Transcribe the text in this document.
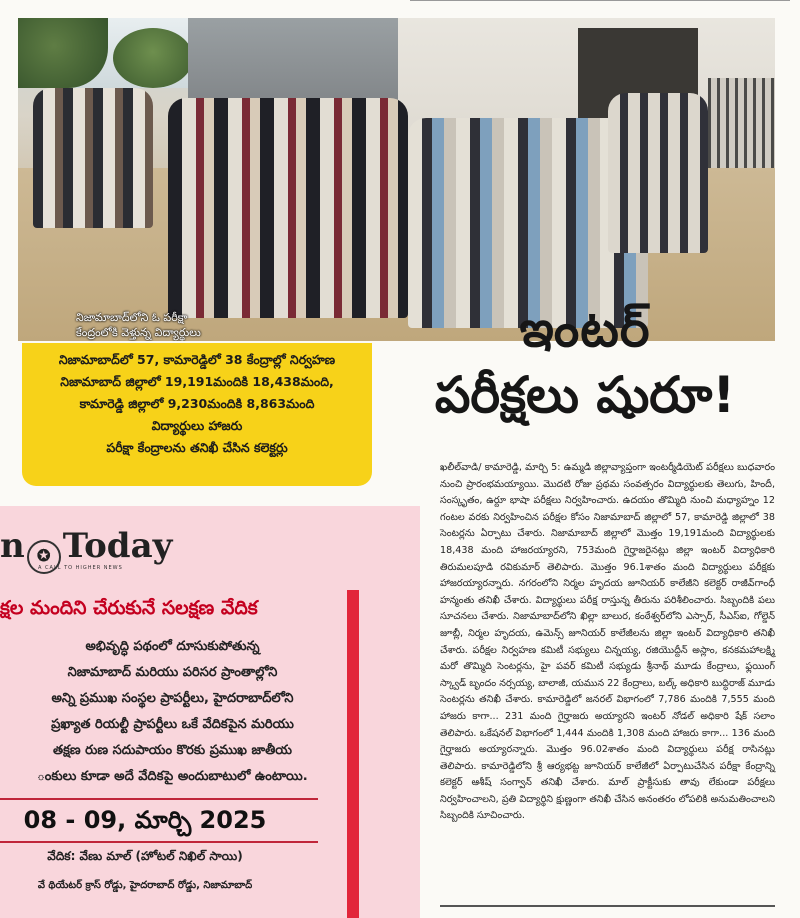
నిజామాబాద్‌లోని ఓ పరీక్షా
కేంద్రంలోకి వెళ్తున్న విద్యార్థులు
నిజామాబాద్‌లో 57, కామారెడ్డిలో 38 కేంద్రాల్లో నిర్వహణ
నిజామాబాద్ జిల్లాలో 19,191మందికి 18,438మంది,
కామారెడ్డి జిల్లాలో 9,230మందికి 8,863మంది
విద్యార్థులు హాజరు
పరీక్షా కేంద్రాలను తనిఖీ చేసిన కలెక్టర్లు
ఇంటర్
పరీక్షలు షురూ!

ఖలీల్‌వాడి/ కామారెడ్డి, మార్చి 5: ఉమ్మడి జిల్లావ్యాప్తంగా ఇంటర్మీడియెట్ పరీక్షలు బుధవారం నుంచి ప్రారంభమయ్యాయి. మొదటి రోజు ప్రథమ సంవత్సరం విద్యార్థులకు తెలుగు, హిందీ, సంస్కృతం, ఉర్దూ భాషా పరీక్షలు నిర్వహించారు. ఉదయం తొమ్మిది నుంచి మధ్యాహ్నం 12 గంటల వరకు నిర్వహించిన పరీక్షల కోసం నిజామాబాద్ జిల్లాలో 57, కామారెడ్డి జిల్లాలో 38 సెంటర్లను ఏర్పాటు చేశారు. నిజామాబాద్ జిల్లాలో మొత్తం 19,191మంది విద్యార్థులకు 18,438 మంది హాజరయ్యారని, 753మంది గైర్హాజరైనట్లు జిల్లా ఇంటర్ విద్యాధికారి తిరుమలపూడి రవికుమార్ తెలిపారు. మొత్తం 96.1శాతం మంది విద్యార్థులు పరీక్షకు హాజరయ్యారన్నారు. నగరంలోని నిర్మల హృదయ జూనియర్ కాలేజీని కలెక్టర్ రాజీవ్‌గాంధీ హన్మంతు తనిఖీ చేశారు. విద్యార్థులు పరీక్ష రాస్తున్న తీరును పరిశీలించారు. సిబ్బందికి పలు సూచనలు చేశారు. నిజామాబాద్‌లోని ఖిల్లా బాలుర, కంఠేశ్వర్‌లోని ఎస్సార్, సీఎస్ఐ, గోల్డెన్ జూబ్లీ, నిర్మల హృదయ, ఉమెన్స్ జూనియర్ కాలేజీలను జిల్లా ఇంటర్ విద్యాధికారి తనిఖీ చేశారు. పరీక్షల నిర్వహణ కమిటీ సభ్యులు చిన్నయ్య, రజియొద్దీన్ అస్లాం, కనకమహాలక్ష్మి మరో తొమ్మిది సెంటర్లను, హై పవర్ కమిటీ సభ్యుడు శ్రీనాథ్ మూడు కేంద్రాలు, ఫ్లయింగ్ స్క్వాడ్ బృందం నర్సయ్య, బాలాజీ, యమున 22 కేంద్రాలు, బల్క్ అధికారి బుద్ధిరాజ్ మూడు సెంటర్లను తనిఖీ చేశారు. కామారెడ్డిలో జనరల్ విభాగంలో 7,786 మందికి 7,555 మంది హాజరు కాగా... 231 మంది గైర్హాజరు అయ్యారని ఇంటర్ నోడల్ అధికారి షేక్ సలాం తెలిపారు. ఒకేషనల్ విభాగంలో 1,444 మందికి 1,308 మంది హాజరు కాగా... 136 మంది గైర్హాజరు అయ్యారన్నారు. మొత్తం 96.02శాతం మంది విద్యార్థులు పరీక్ష రాసినట్లు తెలిపారు. కామారెడ్డిలోని శ్రీ ఆర్యభట్ట జూనియర్ కాలేజీలో ఏర్పాటుచేసిన పరీక్షా కేంద్రాన్ని కలెక్టర్ ఆశీష్ సంగ్వాన్ తనిఖీ చేశారు. మాల్ ప్రాక్టీసుకు తావు లేకుండా పరీక్షలు నిర్వహించాలని, ప్రతి విద్యార్థిని క్షుణ్ణంగా తనిఖీ చేసిన అనంతరం లోపలికి అనుమతించాలని సిబ్బందికి సూచించారు.

n ✪ Today
A CALL TO HIGHER NEWS
క్షల మందిని చేరుకునే సలక్షణ వేదిక
అభివృద్ధి పథంలో దూసుకుపోతున్న
నిజామాబాద్ మరియు పరిసర ప్రాంతాల్లోని
అన్ని ప్రముఖ సంస్థల ప్రాపర్టీలు, హైదరాబాద్‌లోని
ప్రఖ్యాత రియల్టీ ప్రాపర్టీలు ఒకే వేదికపైన మరియు
తక్షణ రుణ సదుపాయం కొరకు ప్రముఖ జాతీయ
ంకులు కూడా అదే వేదికపై అందుబాటులో ఉంటాయి.
08 - 09, మార్చి 2025
వేదిక: వేణు మాల్ (హోటల్ నిఖిల్ సాయి)
వే థియేటర్ క్రాస్ రోడ్డు, హైదరాబాద్ రోడ్డు, నిజామాబాద్
